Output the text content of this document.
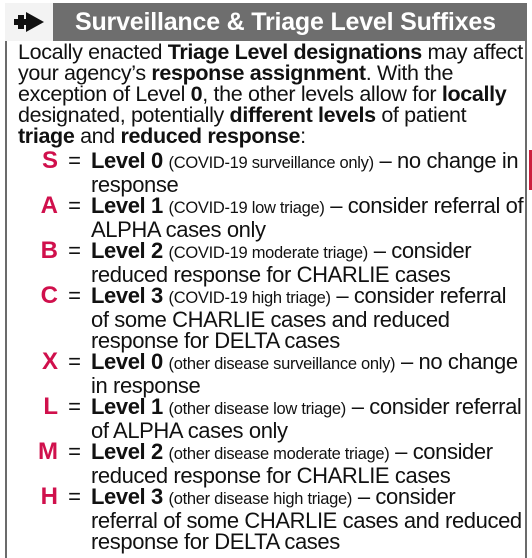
Surveillance & Triage Level Suffixes

Locally enacted Triage Level designations may affect your agency’s response assignment. With the exception of Level 0, the other levels allow for locally designated, potentially different levels of patient triage and reduced response:

S = Level 0 (COVID-19 surveillance only) – no change in response
A = Level 1 (COVID-19 low triage) – consider referral of ALPHA cases only
B = Level 2 (COVID-19 moderate triage) – consider reduced response for CHARLIE cases
C = Level 3 (COVID-19 high triage) – consider referral of some CHARLIE cases and reduced response for DELTA cases
X = Level 0 (other disease surveillance only) – no change in response
L = Level 1 (other disease low triage) – consider referral of ALPHA cases only
M = Level 2 (other disease moderate triage) – consider reduced response for CHARLIE cases
H = Level 3 (other disease high triage) – consider referral of some CHARLIE cases and reduced response for DELTA cases
